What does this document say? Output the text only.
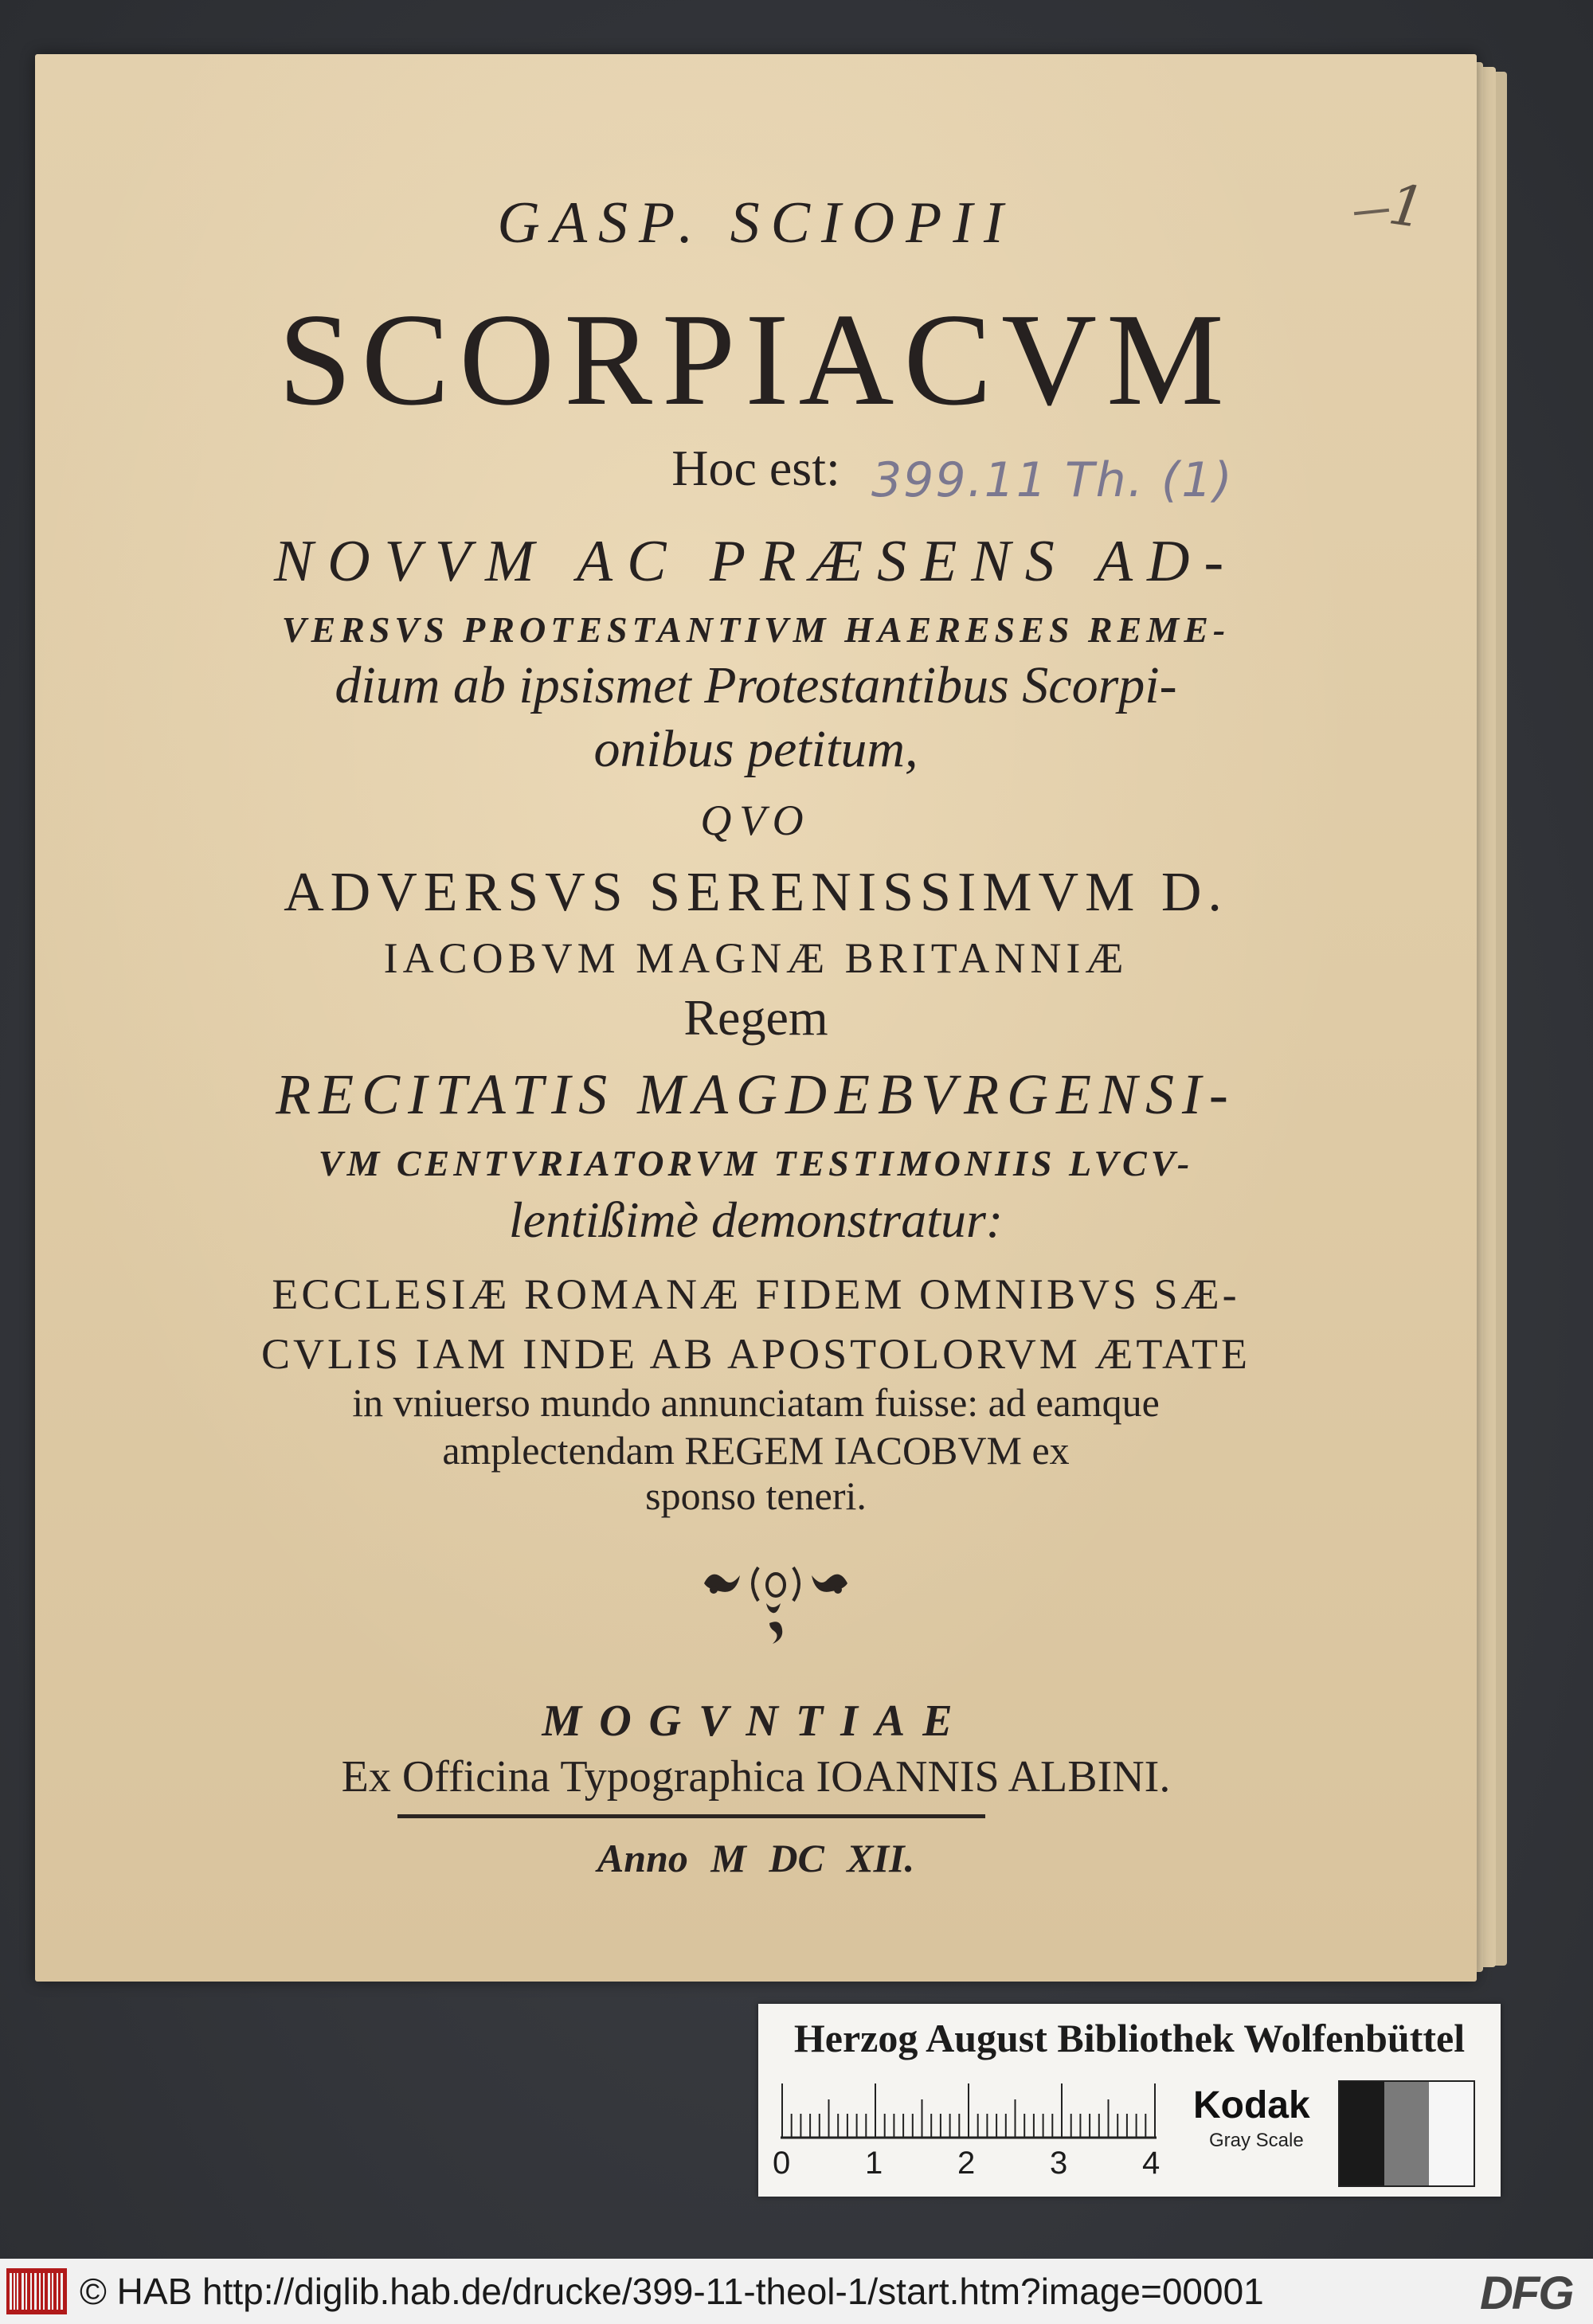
1
GASP. SCIOPII
SCORPIACVM
Hoc est: 399.11 Th. (1)
NOVVM AC PRÆSENS AD-
VERSVS PROTESTANTIVM HAERESES REME-
dium ab ipsismet Protestantibus Scorpi-
onibus petitum,
QVO
ADVERSVS SERENISSIMVM D.
IACOBVM MAGNÆ BRITANNIÆ
Regem
RECITATIS MAGDEBVRGENSI-
VM CENTVRIATORVM TESTIMONIIS LVCV-
lentißimè demonstratur:
ECCLESIÆ ROMANÆ FIDEM OMNIBVS SÆ-
CVLIS IAM INDE AB APOSTOLORVM ÆTATE
in vniuerso mundo annunciatam fuisse: ad eamque
amplectendam REGEM IACOBVM ex
sponso teneri.
MOGVNTIAE
Ex Officina Typographica IOANNIS ALBINI.
Anno M DC XII.
Herzog August Bibliothek Wolfenbüttel
0 1 2 3 4
Kodak
Gray Scale
© HAB http://diglib.hab.de/drucke/399-11-theol-1/start.htm?image=00001	DFG
